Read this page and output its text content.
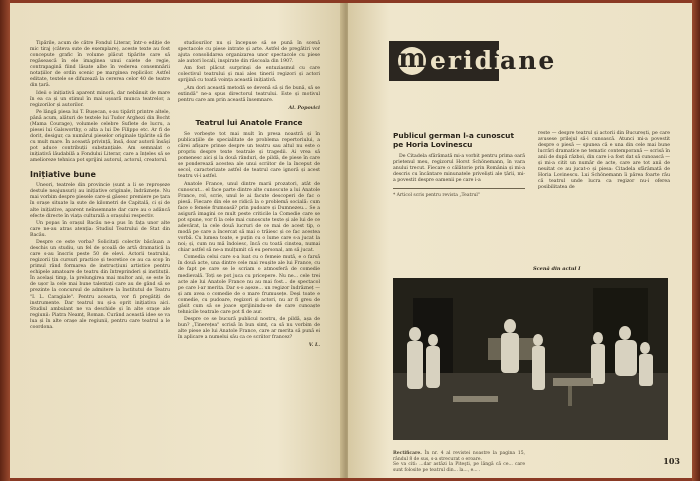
Tipările, acum de către Fondul Literar, într-o ediție de mic tiraj (câteva sute de exemplare), aceste texte au fost concepute grafic în volume plăcut tipărite care să regăsească în ele imaginea unui caiete de regie, contrapagină fiind lăsate albe în vederea consemnării notațiilor de ordin scenic pe marginea replicilor. Astfel editate, textele se difuzează la cererea celor 40 de teatre din țară.

Ideii o inițiativă aparent minoră, dar nebănuit de mare în ea ca și un stimul în mai ușoară munca teatrelor, a regizorilor și autorilor.

Pe lângă piesa lui T. Bușecan, s-au tipărit printre altele, până acum, alături de textele lui Tudor Arghezi din Bocht (Mama Courage), volumele celebre Suflete de lucru, a piesei lui Galsworthy, o alta a lui De Filippo etc. Ar fi de dorit, desigur, ca numărul pieselor originale tipărite să fie cu mult mare. În această privință, însă, doar autorii însăși pot aduce contribuții substanțiale. Am semnalat o inițiativă lăudabilă a Fondului Literar, care a înțeles să se amelioreze tehnica pot sprijini autorul, actorul, creatorul.

Inițiative bune

Uneori, teatrele din provincie (sunt a li se reproșeze destule neajunsuri) au inițiative originale, îndrăznețe. Nu mai vorbim despre piesele care-și găsesc premiere pe țara în orașe situate la sute de kilometri de Capitală, ci și de alte inițiative, aparent neînsemnate dar care au o adâncă efecte directe în viața culturală a orașului respectiv.

Un popas în orașul Bacău ne-a pus în fața unor alte care ne-au atras atenția: Studiul Teatrului de Stat din Bacău.

Despre ce este vorba? Solicitați colectiv băcăuan a deschis un studiu, un fel de școală de artă dramatică la care s-au înscris peste 50 de elevi. Actorii teatrului, regizorii țin cursuri practice și teoretice ce au ca scop în primul rând formarea de instrucțiuni artistice pentru echipele amatoare de teatru din întreprinderi și instituții. În același timp, la prelungirea mai multor ani, se este în de ușor la cele mai bune talentați care au de gând să se prezinte la concursul de admitere la Institutul de Teatru "I. L. Caragiale". Pentru aceasta, vor fi pregătiți de instrumente. Dar teatrul nu și-a oprit inițiativa aici. Studiul ambulant ne va deschide și în alte orașe ale regiunii: Piatra Neamț, Roman. Curând această idee se va lua și în alte orașe ale regiunii, pentru care teatrul a le coordona.

studiourilor nu și începuse să se pună în scenă spectacole cu piese intrate și arte. Astfel de pregătiri vor ajuta consolidarea organizarea unor spectacole cu piese ale autori locali, inspirate din răscoala din 1907.

Am fost plăcut surprinși de entuziasmul cu care colectivul teatrului și mai ales tinerii regizori și actori sprijină cu toată voința această inițiativă.

„Am dori această metodă se devenă să și fie bună, să se extindă" ne-a spus directorul teatrului. Este și motivul pentru care am prin această însemnare.

Al. Popovici
Teatrul lui Anatole France

Se vorbește tot mai mult în presa noastră și în publicațiile de specialitate de problema repertoriului, a cărei afișare prinse despre un teatru sau altul nu este o propriu despre texte teatrale și tragedii. Ai vrea să pomenesc aici și la două rânduri, de pildă, de piese în care se ponderează acestea ale unui scriitor de la început de secol, caracterizate astfel de teatrul care ignoră și acest teatru vi-i astfel.

Anatole France, unul dintre marii prozatori, atât de cunoscut... el face parte dintre alte cunoscute a lui Anatole France, rol, scrie, unul le ai facute descoperi de fac o piesă. Fiecare din ele se ridică la o problemă socială: cum face o femeie frumoasă? prin pudoare și Dumnezeu... Se a asigură imagini ce mult peste criticile la Comedie care se pot spune, vor fi la cele mai cunoscute texte și ale lui de ce adevărat, la cele două lucruri de ce mai de acest tip, o modă pe care a încercat să mai o trăiesc și ce fac acestea vorbă. Cu lumea toate, e puțin cu o lume care s-a jucat la noi; și, cum nu mă îndoiesc, încă cu toată cinstea, numai chiar astfel să ne-a mulțumit că eu personal, am să jucat.

Comedia celui care s-a luat cu o femeie mută, e o farsă în două acte, una dintre cele mai reușite ale lui France, cu de fapt pe care se le scriam o atmosferă de comedie medievală. Toți se pot juca cu pricepere. Nu ne... cele trei acte ale lui Anatole France nu au mai fost... de spectacol pe care l-ar merita. Dar s-o așeze... un regizor îndrăzneț — și am avea o comedie de o mare frumusețe. Deși toate e comedie, cu pudoare, regizori și actori, nu ar fi greu de găsit cum să se joace sprijinindu-se de care cunoaște tehnicile teatrale care pot fi de aur.

Despre ce se bucură publicul nostru, de pildă, așa de bun? „Tinerețea" scrisă în bun simț, ca să nu vorbim de alte piese ale lui Anatole France, care ar merita să pună ei în aplicare a numelui său ca ce scriitor francez?

V. L.
m eridi
ane
Publicul german l-a cunoscut pe Horia Lovinescu

De Citadela sfărâmată mi-a vorbit pentru prima oară prietenul meu, regizorul Horst Schönemann, în vara anului trecut. Fiecare o călătorie prin România și mi-a descris cu încântare minunatele priveliști ale țării, mi-a povestit despre oamenii pe care i-a

* Articol scris pentru revista „Teatrul"

reste — despre teatrul și actorii din București, pe care avusese prilejul să-i cunoască. Atunci mi-a povestit despre o piesă — spunea că e una din cele mai bune lucrări dramatice ne tematic contemporană — scrisă în anii de după război, din care i-a fost dat să cunoască — și mi-a citit un număr de acte, care are tot anii de neuitat ce au jucat-o și piesa: Citadela sfărâmată de Horia Lovinescu. Lui Schönemann îi părea foarte rău că teatrul unde lucra ca regizor nu-i oferea posibilitatea de

Scenă din actul I
Rectificare. În nr. 4 al revistei noastre la pagina 15, rândul 8 de sus, s-a strecurat o eroare.
Se va citi: ...dar astăzi la Piteşti, pe lângă că ce... care sunt folosite pe teatrul din... la..., e... .
103
